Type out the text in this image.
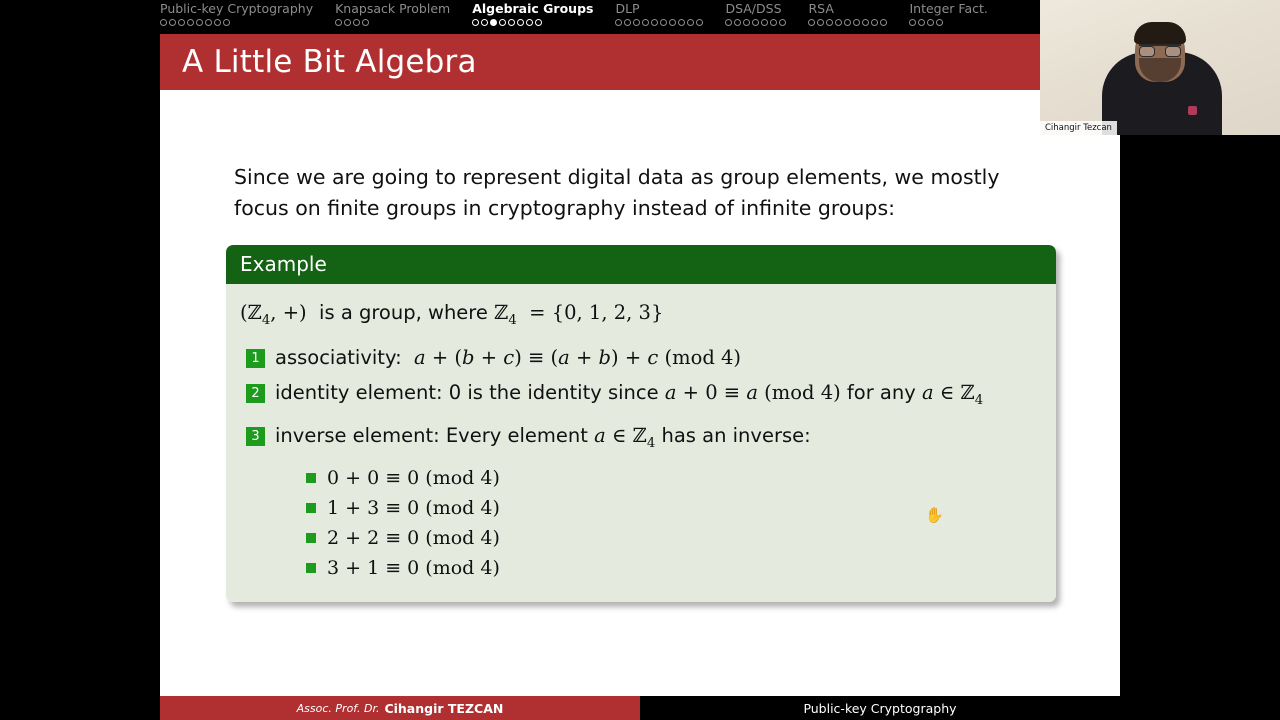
Public-key Cryptography Knapsack Problem Algebraic Groups DLP	DSA/DSS RSA	Integer Fact.
A Little Bit Algebra
Since we are going to represent digital data as group elements, we mostly focus on finite groups in cryptography instead of infinite groups:
Example
(ℤ$_4$, +)  is a group, where ℤ$_4$  = {0, 1, 2, 3}
1 associativity:  a + (b + c) ≡ (a + b) + c (mod 4)
2 identity element: 0 is the identity since a + 0 ≡ a (mod 4) for any a ∈ ℤ$_4$
3 inverse element: Every element a ∈ ℤ$_4$ has an inverse:
0 + 0 ≡ 0 (mod 4)
1 + 3 ≡ 0 (mod 4)
2 + 2 ≡ 0 (mod 4)
3 + 1 ≡ 0 (mod 4)
Assoc. Prof. Dr. Cihangir TEZCAN	Public-key Cryptography
Cihangir Tezcan
✋
